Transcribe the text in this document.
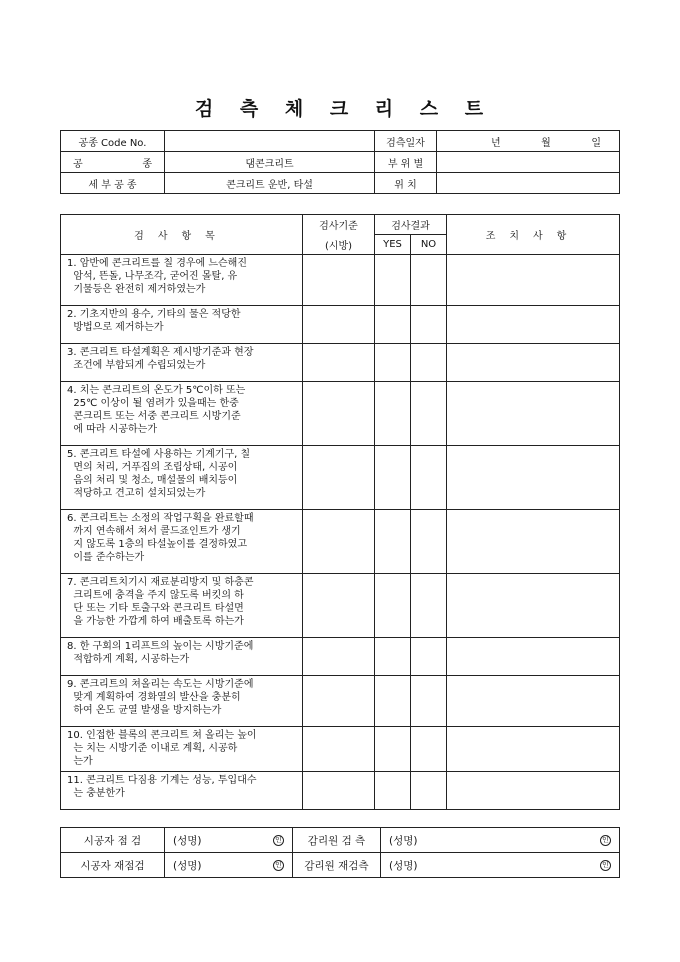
검 측 체 크 리 스 트
공종 Code No.		검측일자	년 월 일

공 종	댐콘크리트	부 위 별	
세 부 공 종	콘크리트 운반, 타설	위 치	
검사항목	검사기준	검사결과		조치사항
	(시방)	YES	NO	
1. 암반에 콘크리트를 칠 경우에 느슨해진
암석, 뜬돌, 나무조각, 굳어진 몰탈, 유
기물등은 완전히 제거하였는가				
2. 기초지반의 용수, 기타의 물은 적당한
방법으로 제거하는가				
3. 콘크리트 타설계획은 제시방기준과 현장
조건에 부합되게 수립되었는가				
4. 치는 콘크리트의 온도가 5℃이하 또는
25℃ 이상이 될 염려가 있을때는 한중
콘크리트 또는 서중 콘크리트 시방기준
에 따라 시공하는가				
5. 콘크리트 타설에 사용하는 기계기구, 칠
면의 처리, 거푸집의 조립상태, 시공이
음의 처리 및 청소, 매설물의 배치등이
적당하고 견고히 설치되었는가				
6. 콘크리트는 소정의 작업구획을 완료할때
까지 연속해서 쳐서 콜드죠인트가 생기
지 않도록 1층의 타설높이를 결정하였고
이를 준수하는가				
7. 콘크리트치기시 재료분리방지 및 하층콘
크리트에 충격을 주지 않도록 버킷의 하
단 또는 기타 토출구와 콘크리트 타설면
을 가능한 가깝게 하여 배출토록 하는가				
8. 한 구회의 1리프트의 높이는 시방기준에
적합하게 계획, 시공하는가				
9. 콘크리트의 쳐올리는 속도는 시방기준에
맞게 계획하여 경화열의 발산을 충분히
하여 온도 균열 발생을 방지하는가				
10. 인접한 블록의 콘크리트 쳐 올리는 높이
는 치는 시방기준 이내로 계획, 시공하
는가				
11. 콘크리트 다짐용 기계는 성능, 투입대수
는 충분한가				
시공자 점 검	(성명)	인	감리원 검 측	(성명)	인
시공자 재점검	(성명)	인	감리원 재검측	(성명)	인
